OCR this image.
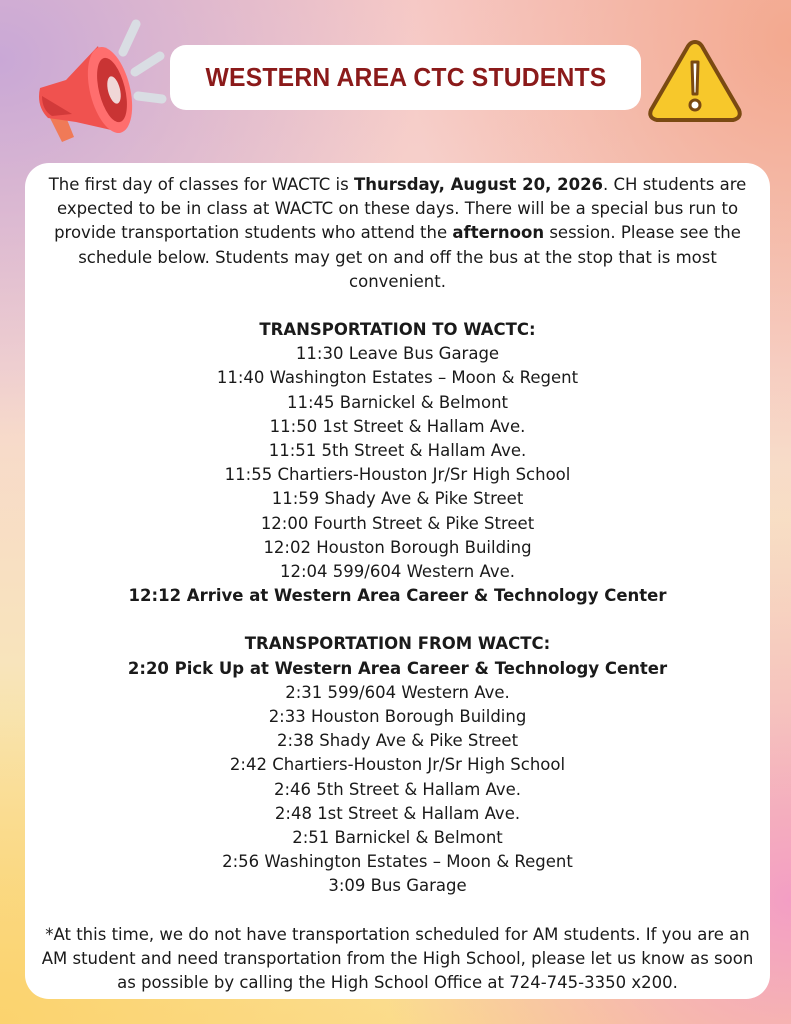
WESTERN AREA CTC STUDENTS
The first day of classes for WACTC is Thursday, August 20, 2026. CH students are expected to be in class at WACTC on these days. There will be a special bus run to provide transportation students who attend the afternoon session. Please see the schedule below. Students may get on and off the bus at the stop that is most convenient.
TRANSPORTATION TO WACTC:
11:30 Leave Bus Garage
11:40 Washington Estates – Moon & Regent
11:45 Barnickel & Belmont
11:50 1st Street & Hallam Ave.
11:51 5th Street & Hallam Ave.
11:55 Chartiers-Houston Jr/Sr High School
11:59 Shady Ave & Pike Street
12:00 Fourth Street & Pike Street
12:02 Houston Borough Building
12:04 599/604 Western Ave.
12:12 Arrive at Western Area Career & Technology Center
TRANSPORTATION FROM WACTC:
2:20 Pick Up at Western Area Career & Technology Center
2:31 599/604 Western Ave.
2:33 Houston Borough Building
2:38 Shady Ave & Pike Street
2:42 Chartiers-Houston Jr/Sr High School
2:46 5th Street & Hallam Ave.
2:48 1st Street & Hallam Ave.
2:51 Barnickel & Belmont
2:56 Washington Estates – Moon & Regent
3:09 Bus Garage
*At this time, we do not have transportation scheduled for AM students. If you are an AM student and need transportation from the High School, please let us know as soon as possible by calling the High School Office at 724-745-3350 x200.
